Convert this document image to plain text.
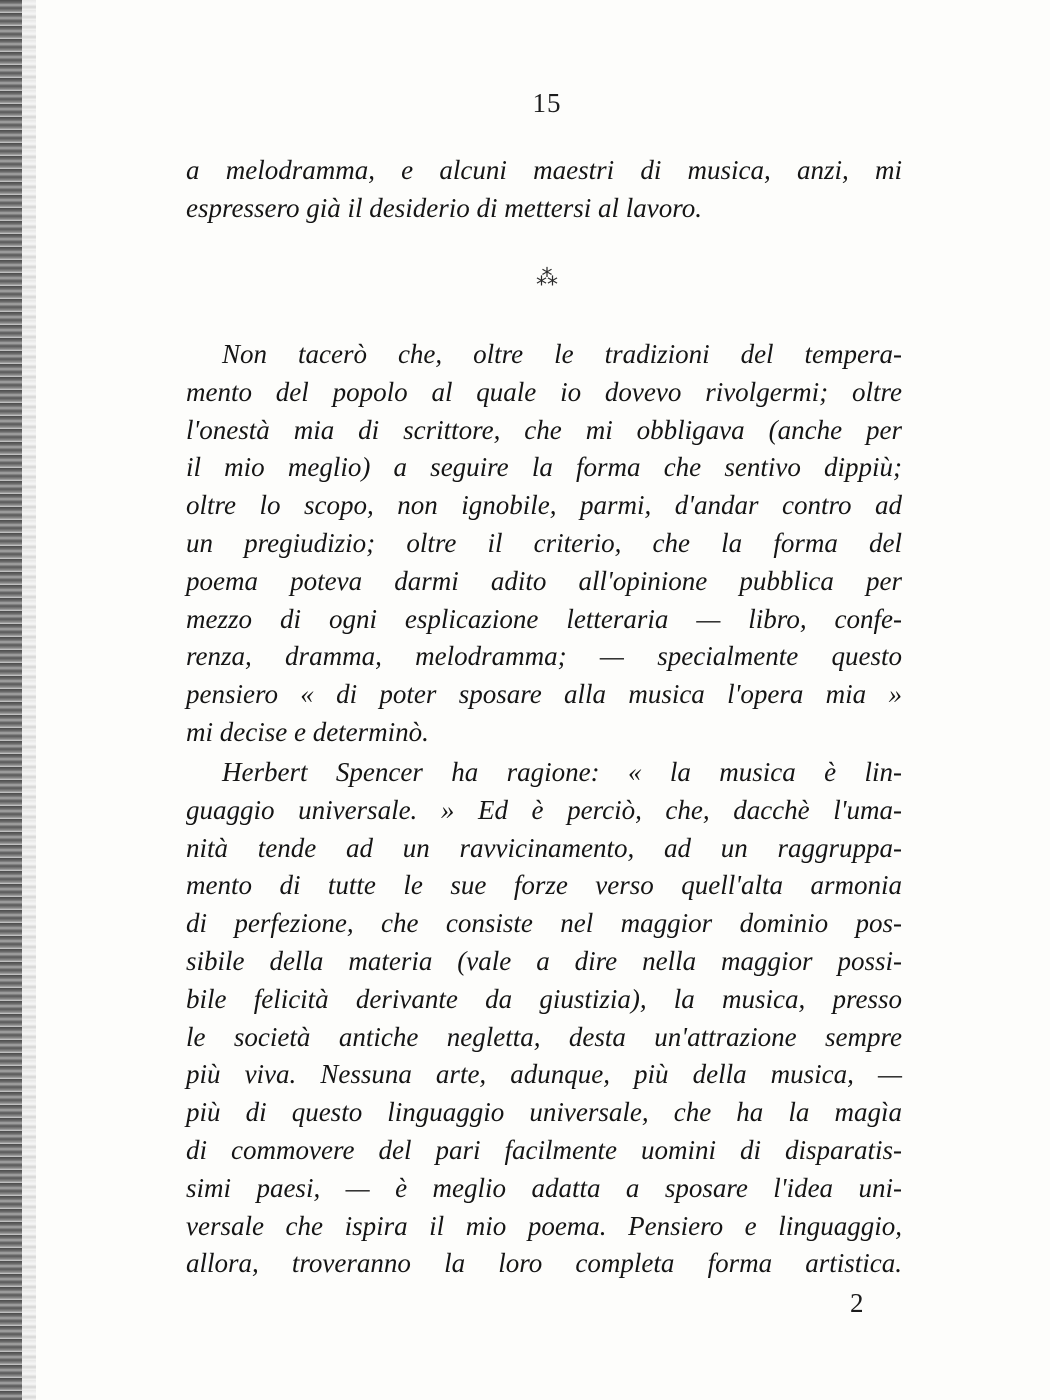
15
a melodramma, e alcuni maestri di musica, anzi, mi
espressero già il desiderio di mettersi al lavoro.
⁂
Non tacerò che, oltre le tradizioni del tempera-
mento del popolo al quale io dovevo rivolgermi; oltre
l'onestà mia di scrittore, che mi obbligava (anche per
il mio meglio) a seguire la forma che sentivo dippiù;
oltre lo scopo, non ignobile, parmi, d'andar contro ad
un pregiudizio; oltre il criterio, che la forma del
poema poteva darmi adito all'opinione pubblica per
mezzo di ogni esplicazione letteraria — libro, confe-
renza, dramma, melodramma; — specialmente questo
pensiero « di poter sposare alla musica l'opera mia »
mi decise e determinò.
Herbert Spencer ha ragione: « la musica è lin-
guaggio universale. » Ed è perciò, che, dacchè l'uma-
nità tende ad un ravvicinamento, ad un raggruppa-
mento di tutte le sue forze verso quell'alta armonia
di perfezione, che consiste nel maggior dominio pos-
sibile della materia (vale a dire nella maggior possi-
bile felicità derivante da giustizia), la musica, presso
le società antiche negletta, desta un'attrazione sempre
più viva. Nessuna arte, adunque, più della musica, —
più di questo linguaggio universale, che ha la magìa
di commovere del pari facilmente uomini di disparatis-
simi paesi, — è meglio adatta a sposare l'idea uni-
versale che ispira il mio poema. Pensiero e linguaggio,
allora, troveranno la loro completa forma artistica.
2
